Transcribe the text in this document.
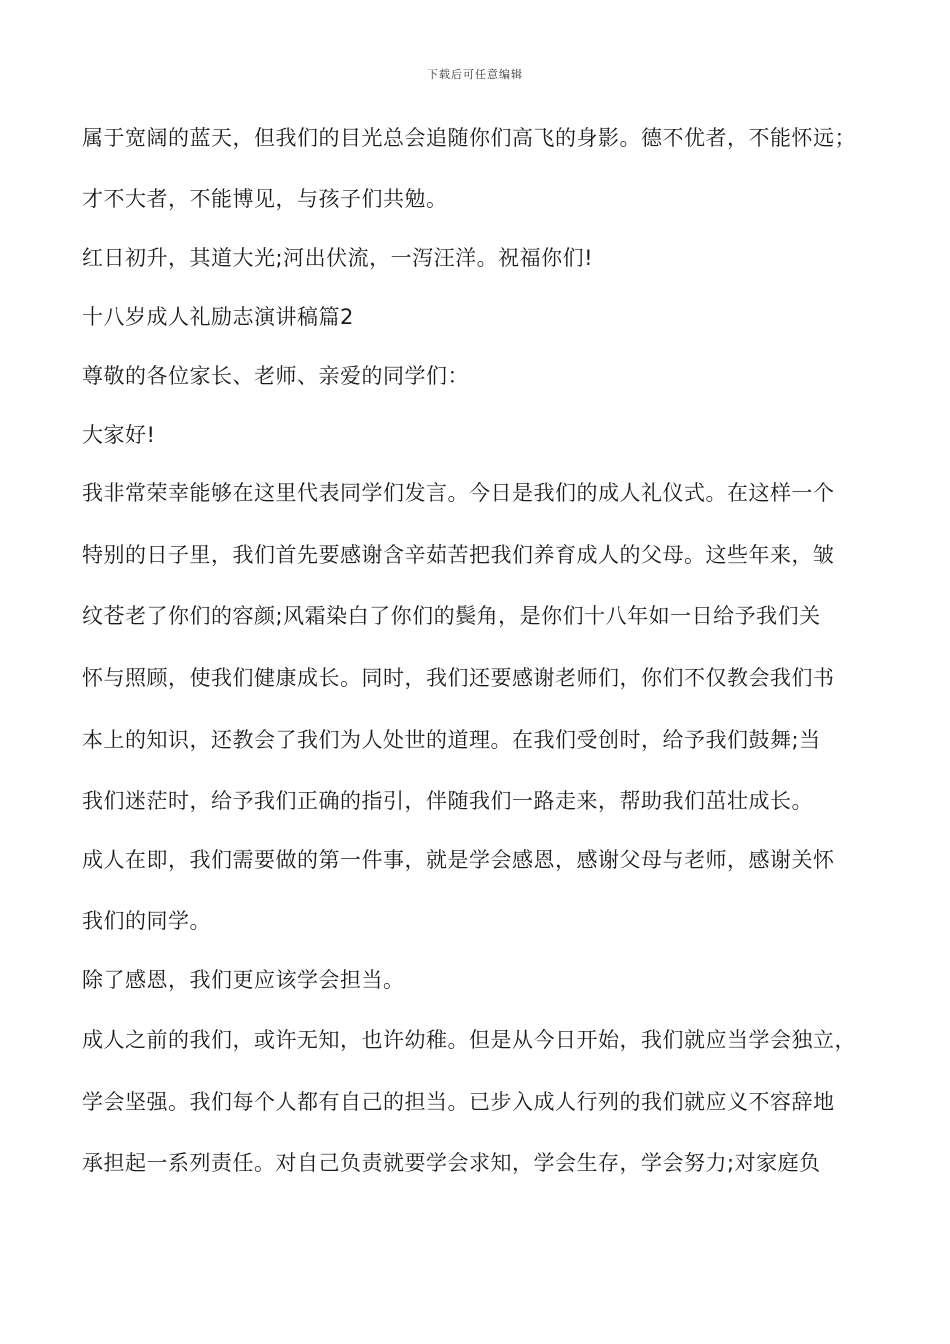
下载后可任意编辑
属于宽阔的蓝天，但我们的目光总会追随你们高飞的身影。德不优者，不能怀远；
才不大者，不能博见，与孩子们共勉。
红日初升，其道大光;河出伏流，一泻汪洋。祝福你们!
十八岁成人礼励志演讲稿篇2
尊敬的各位家长、老师、亲爱的同学们：
大家好!
我非常荣幸能够在这里代表同学们发言。今日是我们的成人礼仪式。在这样一个
特别的日子里，我们首先要感谢含辛茹苦把我们养育成人的父母。这些年来，皱
纹苍老了你们的容颜;风霜染白了你们的鬓角，是你们十八年如一日给予我们关
怀与照顾，使我们健康成长。同时，我们还要感谢老师们，你们不仅教会我们书
本上的知识，还教会了我们为人处世的道理。在我们受创时，给予我们鼓舞;当
我们迷茫时，给予我们正确的指引，伴随我们一路走来，帮助我们茁壮成长。
成人在即，我们需要做的第一件事，就是学会感恩，感谢父母与老师，感谢关怀
我们的同学。
除了感恩，我们更应该学会担当。
成人之前的我们，或许无知，也许幼稚。但是从今日开始，我们就应当学会独立，
学会坚强。我们每个人都有自己的担当。已步入成人行列的我们就应义不容辞地
承担起一系列责任。对自己负责就要学会求知，学会生存，学会努力;对家庭负
